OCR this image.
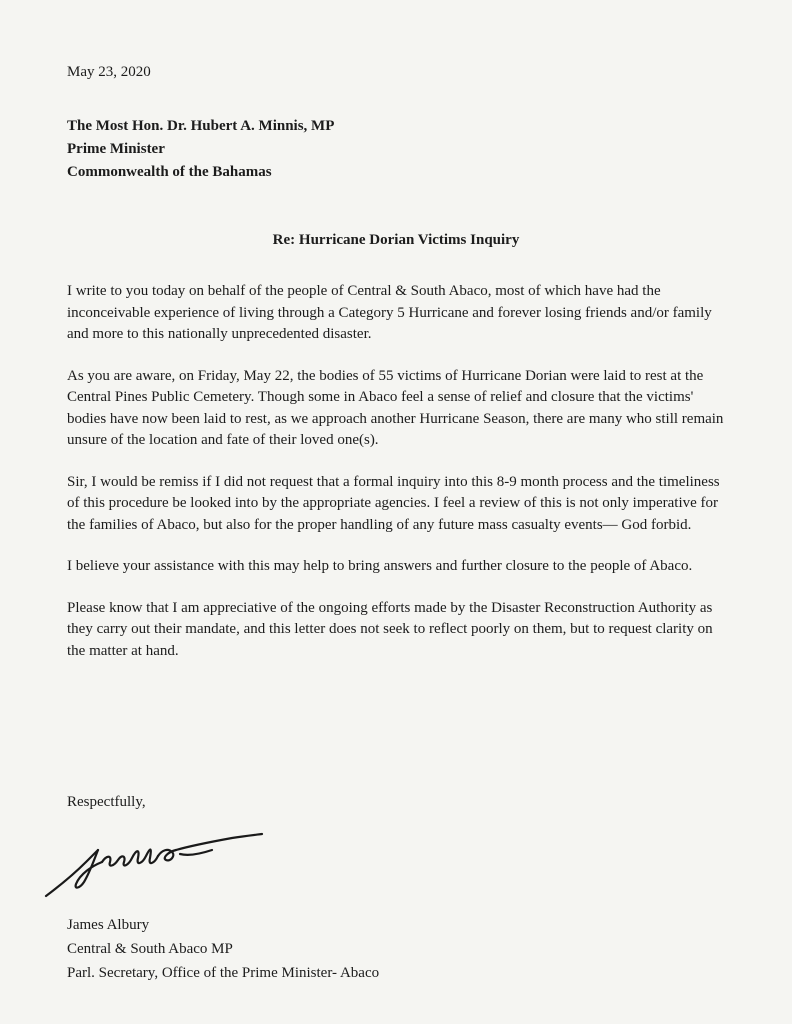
May 23, 2020
The Most Hon. Dr. Hubert A. Minnis, MP
Prime Minister
Commonwealth of the Bahamas
Re: Hurricane Dorian Victims Inquiry

I write to you today on behalf of the people of Central & South Abaco, most of which have had the inconceivable experience of living through a Category 5 Hurricane and forever losing friends and/or family and more to this nationally unprecedented disaster.

As you are aware, on Friday, May 22, the bodies of 55 victims of Hurricane Dorian were laid to rest at the Central Pines Public Cemetery. Though some in Abaco feel a sense of relief and closure that the victims' bodies have now been laid to rest, as we approach another Hurricane Season, there are many who still remain unsure of the location and fate of their loved one(s).

Sir, I would be remiss if I did not request that a formal inquiry into this 8-9 month process and the timeliness of this procedure be looked into by the appropriate agencies. I feel a review of this is not only imperative for the families of Abaco, but also for the proper handling of any future mass casualty events— God forbid.

I believe your assistance with this may help to bring answers and further closure to the people of Abaco.

Please know that I am appreciative of the ongoing efforts made by the Disaster Reconstruction Authority as they carry out their mandate, and this letter does not seek to reflect poorly on them, but to request clarity on the matter at hand.

Respectfully,
James Albury
Central & South Abaco MP
Parl. Secretary, Office of the Prime Minister- Abaco
